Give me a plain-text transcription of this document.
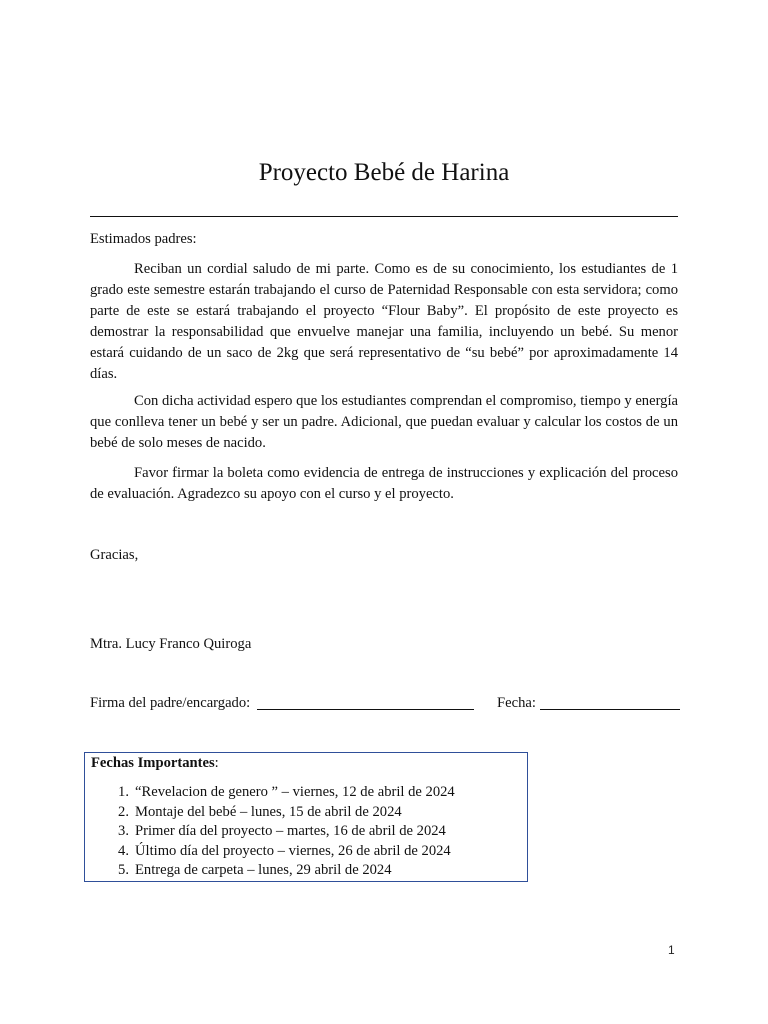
Proyecto Bebé de Harina
Estimados padres:

Reciban un cordial saludo de mi parte. Como es de su conocimiento, los estudiantes de 1 grado este semestre estarán trabajando el curso de Paternidad Responsable con esta servidora; como parte de este se estará trabajando el proyecto “Flour Baby”. El propósito de este proyecto es demostrar la responsabilidad que envuelve manejar una familia, incluyendo un bebé. Su menor estará cuidando de un saco de 2kg que será representativo de “su bebé” por aproximadamente 14 días.

Con dicha actividad espero que los estudiantes comprendan el compromiso, tiempo y energía que conlleva tener un bebé y ser un padre. Adicional, que puedan evaluar y calcular los costos de un bebé de solo meses de nacido.

Favor firmar la boleta como evidencia de entrega de instrucciones y explicación del proceso de evaluación. Agradezco su apoyo con el curso y el proyecto.

Gracias,
Mtra. Lucy Franco Quiroga
Firma del padre/encargado:	Fecha:
Fechas Importantes:
1. “Revelacion de genero ” – viernes, 12 de abril de 2024
2. Montaje del bebé – lunes, 15 de abril de 2024
3. Primer día del proyecto – martes, 16 de abril de 2024
4. Último día del proyecto – viernes, 26 de abril de 2024
5. Entrega de carpeta – lunes, 29 abril de 2024
1
